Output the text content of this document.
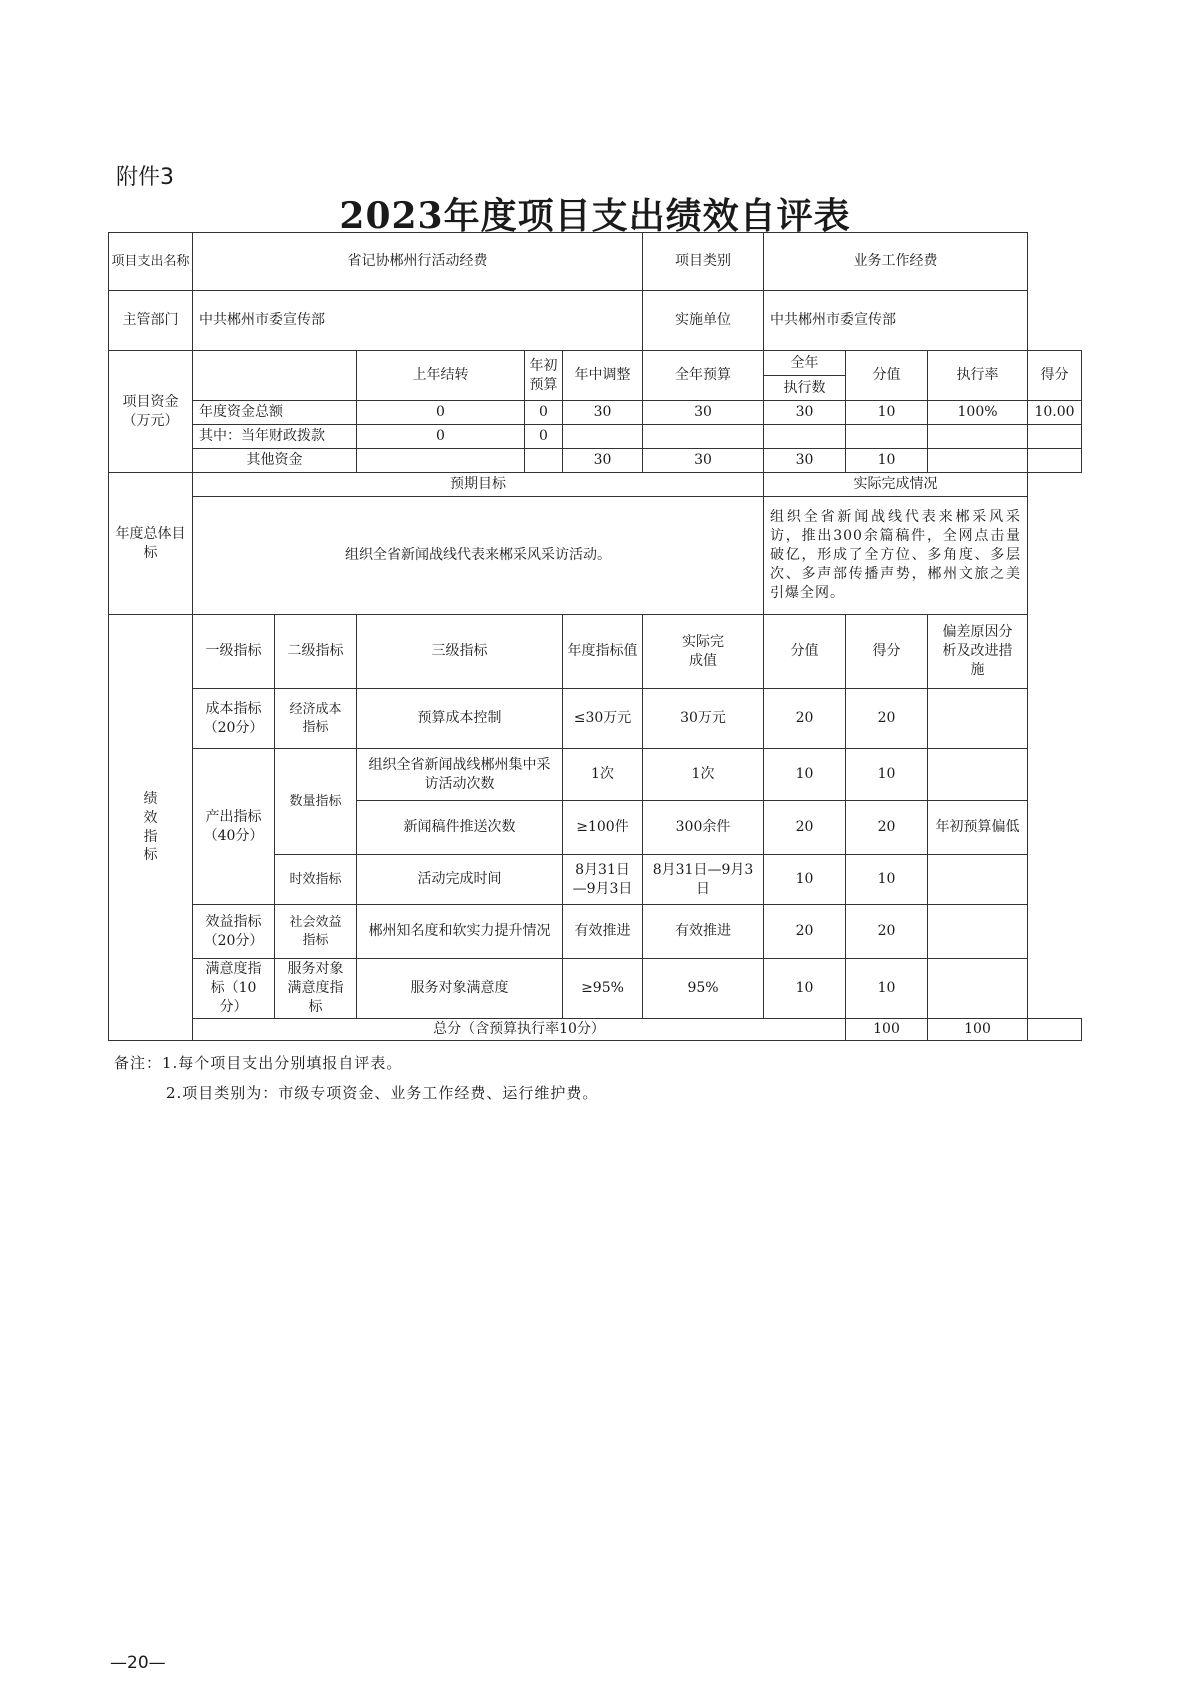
附件3
2023年度项目支出绩效自评表
项目支出名称	省记协郴州行活动经费					项目类别	业务工作经费			
主管部门	中共郴州市委宣传部					实施单位	中共郴州市委宣传部			
项目资金（万元）			上年结转	年初预算	年中调整	全年预算	全年	分值	执行率	得分
							执行数			
	年度资金总额		0	0	30	30	30	10	100%	10.00
	其中：当年财政拨款		0	0						
	其他资金				30	30	30	10		
年度总体目标	预期目标						实际完成情况			
	组织全省新闻战线代表来郴采风采访活动。						组织全省新闻战线代表来郴采风采访，推出300余篇稿件，全网点击量破亿，形成了全方位、多角度、多层次、多声部传播声势，郴州文旅之美引爆全网。			
绩效指标	一级指标	二级指标	三级指标		年度指标值	实际完成值	分值	得分	偏差原因分析及改进措施	
	成本指标（20分）	经济成本指标	预算成本控制		≤30万元	30万元	20	20		
	产出指标（40分）	数量指标	组织全省新闻战线郴州集中采访活动次数		1次	1次	10	10		
			新闻稿件推送次数		≥100件	300余件	20	20	年初预算偏低	
		时效指标	活动完成时间		8月31日—9月3日	8月31日—9月3日	10	10		
	效益指标（20分）	社会效益指标	郴州知名度和软实力提升情况		有效推进	有效推进	20	20		
	满意度指标（10分）	服务对象满意度指标	服务对象满意度		≥95%	95%	10	10		
	总分（含预算执行率10分）							100	100	
备注：1.每个项目支出分别填报自评表。
2.项目类别为：市级专项资金、业务工作经费、运行维护费。
—20—
